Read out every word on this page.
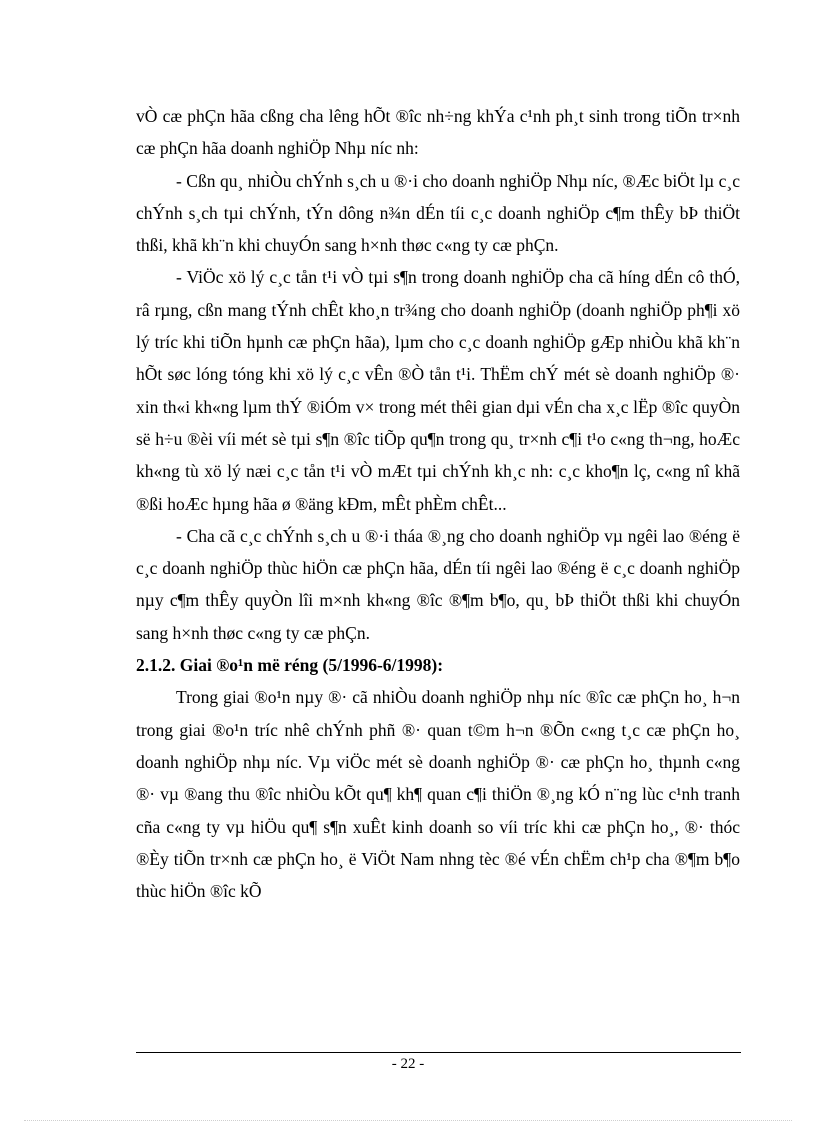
vÒ cæ phÇn hãa cßng cha lêng hÕt ®îc nh÷ng khÝa c¹nh ph¸t sinh trong tiÕn tr×nh cæ phÇn hãa doanh nghiÖp Nhµ níc nh:

- Cßn qu¸ nhiÒu chÝnh s¸ch u ®·i cho doanh nghiÖp Nhµ níc, ®Æc biÖt lµ c¸c chÝnh s¸ch tµi chÝnh, tÝn dông n¾n dÉn tíi c¸c doanh nghiÖp c¶m thÊy bÞ thiÖt thßi, khã kh¨n khi chuyÓn sang h×nh thøc c«ng ty cæ phÇn.

- ViÖc xö lý c¸c tån t¹i vÒ tµi s¶n trong doanh nghiÖp cha cã híng dÉn cô thÓ, râ rµng, cßn mang tÝnh chÊt kho¸n tr¾ng cho doanh nghiÖp (doanh nghiÖp ph¶i xö lý tríc khi tiÕn hµnh cæ phÇn hãa), lµm cho c¸c doanh nghiÖp gÆp nhiÒu khã kh¨n hÕt søc lóng tóng khi xö lý c¸c vÊn ®Ò tån t¹i. ThËm chÝ mét sè doanh nghiÖp ®· xin th«i kh«ng lµm thÝ ®iÓm v× trong mét thêi gian dµi vÉn cha x¸c lËp ®îc quyÒn së h÷u ®èi víi mét sè tµi s¶n ®îc tiÕp qu¶n trong qu¸ tr×nh c¶i t¹o c«ng th¬ng, hoÆc kh«ng tù xö lý næi c¸c tån t¹i vÒ mÆt tµi chÝnh kh¸c nh: c¸c kho¶n lç, c«ng nî khã ®ßi hoÆc hµng hãa ø ®äng kÐm, mÊt phÈm chÊt...

- Cha cã c¸c chÝnh s¸ch u ®·i tháa ®¸ng cho doanh nghiÖp vµ ngêi lao ®éng ë c¸c doanh nghiÖp thùc hiÖn cæ phÇn hãa, dÉn tíi ngêi lao ®éng ë c¸c doanh nghiÖp nµy c¶m thÊy quyÒn lîi m×nh kh«ng ®îc ®¶m b¶o, qu¸ bÞ thiÖt thßi khi chuyÓn sang h×nh thøc c«ng ty cæ phÇn.

2.1.2. Giai ®o¹n më réng (5/1996-6/1998):

Trong giai ®o¹n nµy ®· cã nhiÒu doanh nghiÖp nhµ níc ®îc cæ phÇn ho¸ h¬n trong giai ®o¹n tríc nhê chÝnh phñ ®· quan t©m h¬n ®Õn c«ng t¸c cæ phÇn ho¸ doanh nghiÖp nhµ níc. Vµ viÖc mét sè doanh nghiÖp ®· cæ phÇn ho¸ thµnh c«ng ®· vµ ®ang thu ®îc nhiÒu kÕt qu¶ kh¶ quan c¶i thiÖn ®¸ng kÓ n¨ng lùc c¹nh tranh cña c«ng ty vµ hiÖu qu¶ s¶n xuÊt kinh doanh so víi tríc khi cæ phÇn ho¸, ®· thóc ®Èy tiÕn tr×nh cæ phÇn ho¸ ë ViÖt Nam nhng tèc ®é vÉn chËm ch¹p cha ®¶m b¶o thùc hiÖn ®îc kÕ

- 22 -
